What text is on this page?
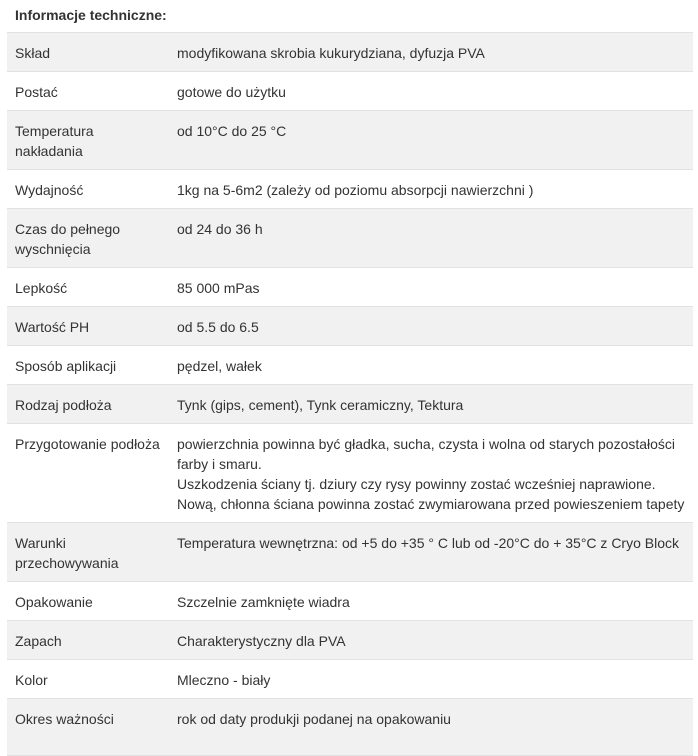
Informacje techniczne:
Skład	modyfikowana skrobia kukurydziana, dyfuzja PVA

Postać	gotowe do użytku

Temperatura nakładania	od 10°C do 25 °C

Wydajność	1kg na 5-6m2 (zależy od poziomu absorpcji nawierzchni )

Czas do pełnego wyschnięcia	od 24 do 36 h

Lepkość	85 000 mPas

Wartość PH	od 5.5 do 6.5

Sposób aplikacji	pędzel, wałek

Rodzaj podłoża	Tynk (gips, cement), Tynk ceramiczny, Tektura

Przygotowanie podłoża	powierzchnia powinna być gładka, sucha, czysta i wolna od starych pozostałości farby i smaru.
Uszkodzenia ściany tj. dziury czy rysy powinny zostać wcześniej naprawione. Nową, chłonna ściana powinna zostać zwymiarowana przed powieszeniem tapety

Warunki przechowywania	Temperatura wewnętrzna: od +5 do +35 ° C lub od -20°C do + 35°C z Cryo Block

Opakowanie	Szczelnie zamknięte wiadra

Zapach	Charakterystyczny dla PVA

Kolor	Mleczno - biały

Okres ważności	rok od daty produkji podanej na opakowaniu
